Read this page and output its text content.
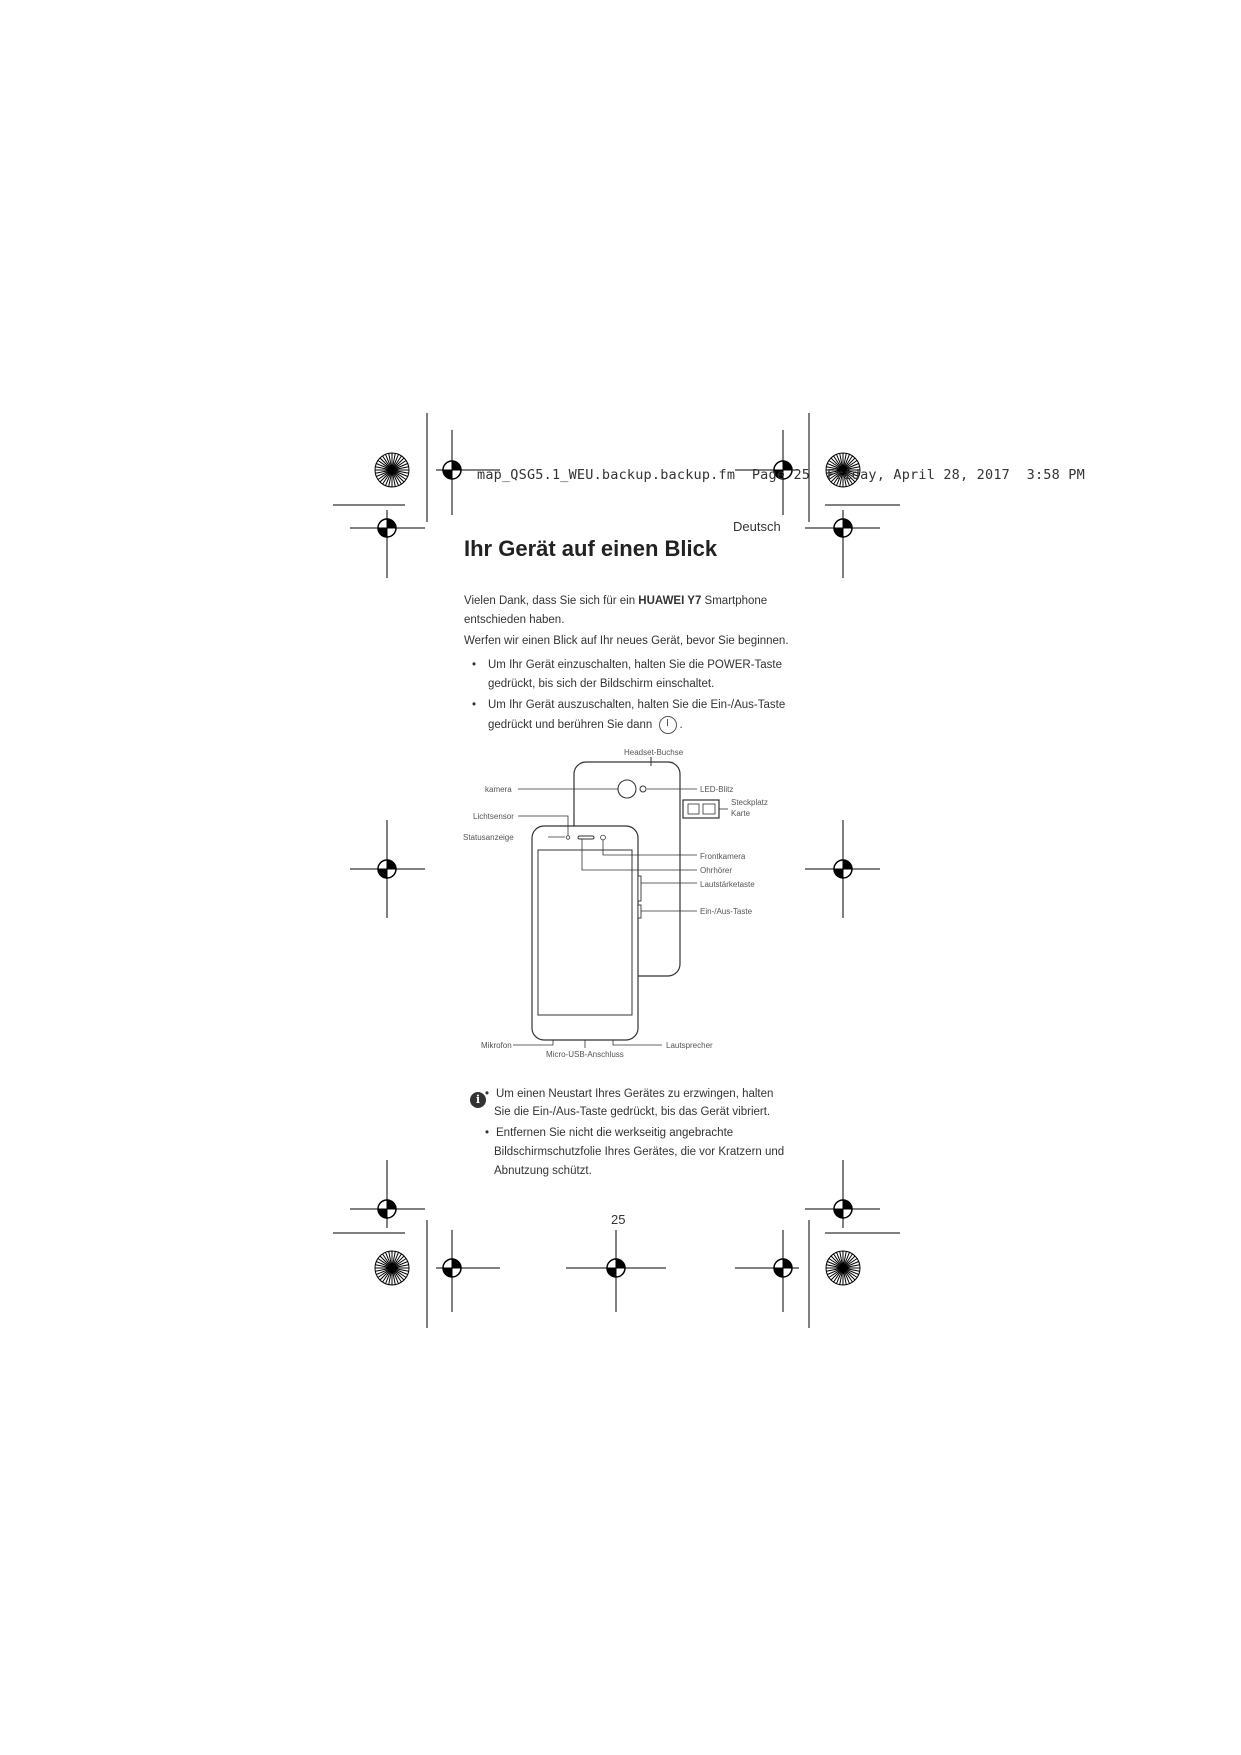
map_QSG5.1_WEU.backup.backup.fm  Page 25  Friday, April 28, 2017  3:58 PM
Deutsch
Ihr Gerät auf einen Blick
Vielen Dank, dass Sie sich für ein HUAWEI Y7 Smartphone
entschieden haben.
Werfen wir einen Blick auf Ihr neues Gerät, bevor Sie beginnen.
• Um Ihr Gerät einzuschalten, halten Sie die POWER-Taste
gedrückt, bis sich der Bildschirm einschaltet.
• Um Ihr Gerät auszuschalten, halten Sie die Ein-/Aus-Taste
gedrückt und berühren Sie dann .
Headset-Buchse
kamera	LED-Blitz
Steckplatz
Karte
Lichtsensor
Statusanzeige
Frontkamera
Ohrhörer
Lautstärketaste
Ein-/Aus-Taste
Mikrofon	Lautsprecher
Micro-USB-Anschluss
i • Um einen Neustart Ihres Gerätes zu erzwingen, halten
Sie die Ein-/Aus-Taste gedrückt, bis das Gerät vibriert.
• Entfernen Sie nicht die werkseitig angebrachte
Bildschirmschutzfolie Ihres Gerätes, die vor Kratzern und
Abnutzung schützt.
25
